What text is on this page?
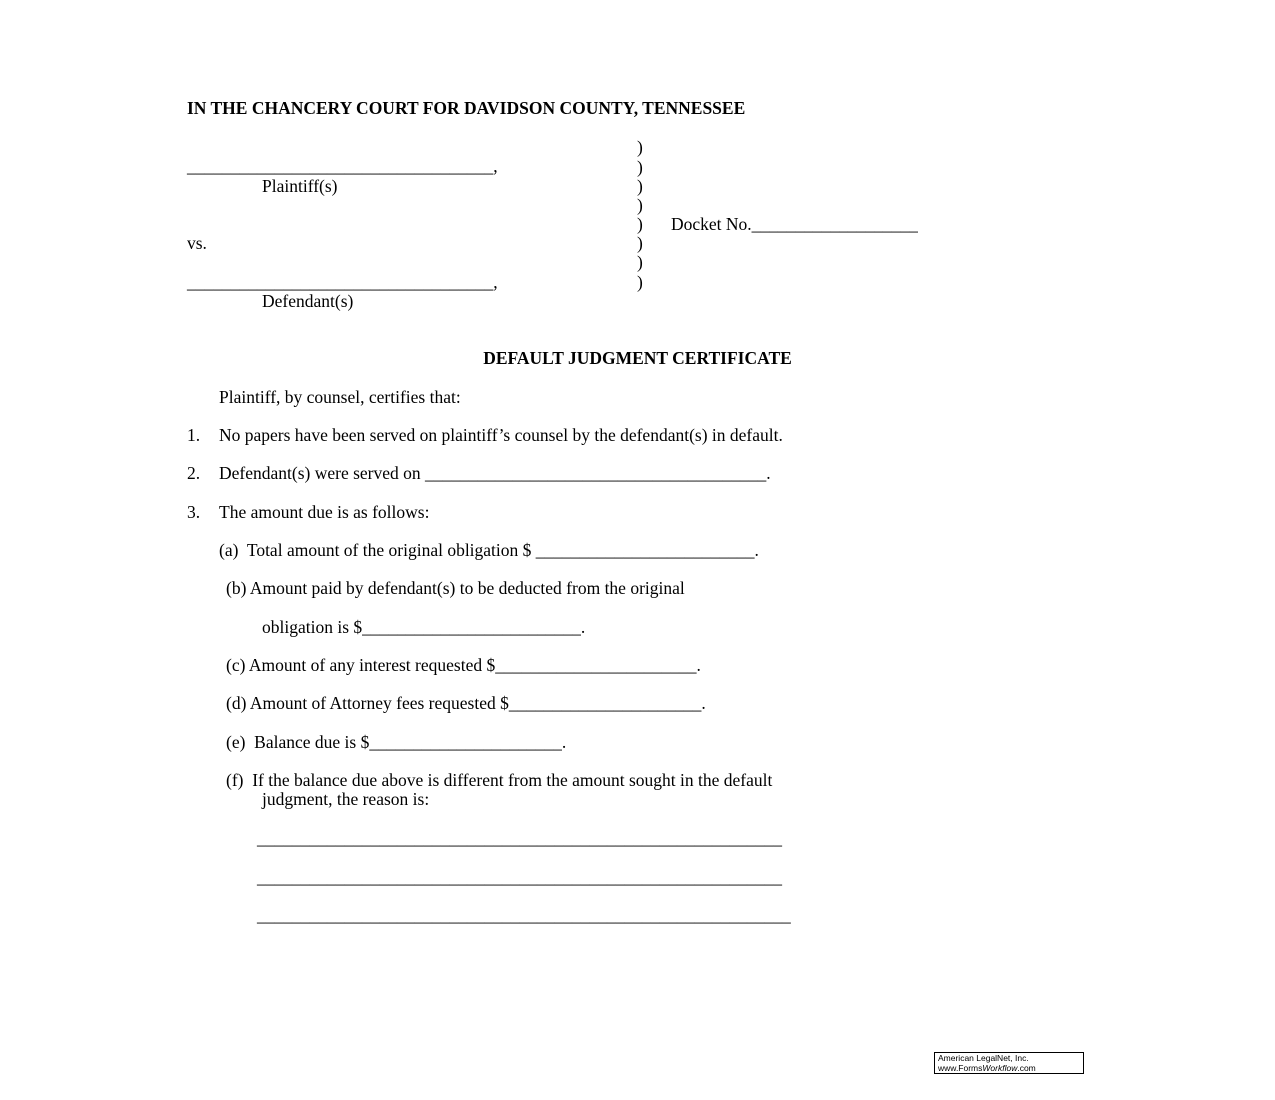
IN THE CHANCERY COURT FOR DAVIDSON COUNTY, TENNESSEE
___________________________________,
Plaintiff(s)
vs.
___________________________________,
Defendant(s)
)
)
)
)
)
)
)
)
Docket No.___________________
DEFAULT JUDGMENT CERTIFICATE
Plaintiff, by counsel, certifies that:
1. No papers have been served on plaintiff’s counsel by the defendant(s) in default.
2. Defendant(s) were served on _______________________________________.
3. The amount due is as follows:
(a)  Total amount of the original obligation $ _________________________.
(b) Amount paid by defendant(s) to be deducted from the original
obligation is $_________________________.
(c) Amount of any interest requested $_______________________.
(d) Amount of Attorney fees requested $______________________.
(e)  Balance due is $______________________.
(f)  If the balance due above is different from the amount sought in the default
judgment, the reason is:
____________________________________________________________
____________________________________________________________
_____________________________________________________________
American LegalNet, Inc.
www.FormsWorkflow.com
